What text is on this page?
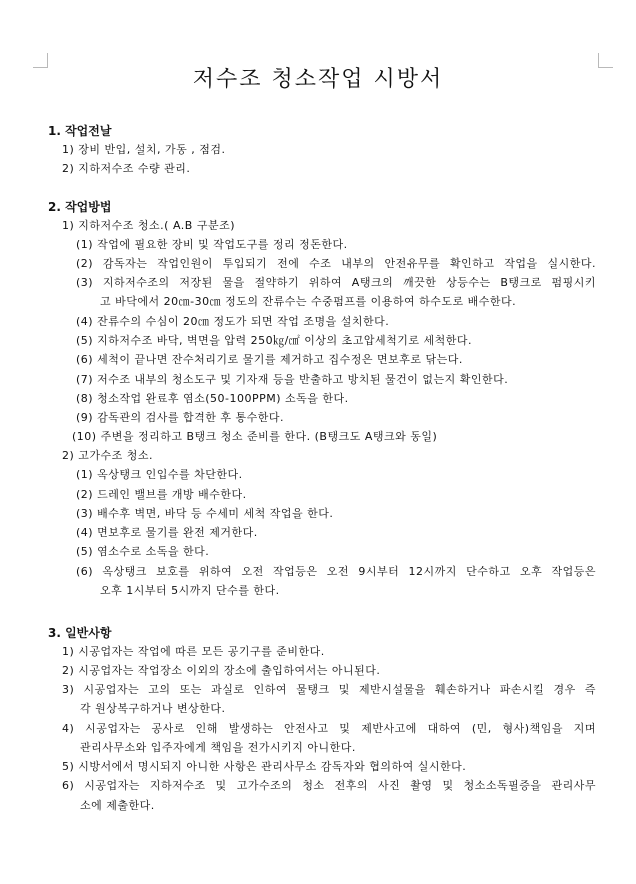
저수조 청소작업 시방서
1. 작업전날
1) 장비 반입, 설치, 가동 , 점검.
2) 지하저수조 수량 관리.
2. 작업방법
1) 지하저수조 청소.( A.B 구분조)
(1) 작업에 필요한 장비 및 작업도구를 정리 정돈한다.
(2) 감독자는 작업인원이 투입되기 전에 수조 내부의 안전유무를 확인하고 작업을 실시한다.
(3) 지하저수조의 저장된 물을 절약하기 위하여 A탱크의 깨끗한 상등수는 B탱크로 펌핑시키
고 바닥에서 20㎝-30㎝ 정도의 잔류수는 수중펌프를 이용하여 하수도로 배수한다.
(4) 잔류수의 수심이 20㎝ 정도가 되면 작업 조명을 설치한다.
(5) 지하저수조 바닥, 벽면을 압력 250㎏/㎠ 이상의 초고압세척기로 세척한다.
(6) 세척이 끝나면 잔수처리기로 물기를 제거하고 집수정은 면보후로 닦는다.
(7) 저수조 내부의 청소도구 및 기자재 등을 반출하고 방치된 물건이 없는지 확인한다.
(8) 청소작업 완료후 염소(50-100PPM) 소독을 한다.
(9) 감독관의 검사를 합격한 후 통수한다.
(10) 주변을 정리하고 B탱크 청소 준비를 한다. (B탱크도 A탱크와 동일)
2) 고가수조 청소.
(1) 옥상탱크 인입수를 차단한다.
(2) 드레인 밸브를 개방 배수한다.
(3) 배수후 벽면, 바닥 등 수세미 세척 작업을 한다.
(4) 면보후로 물기를 완전 제거한다.
(5) 염소수로 소독을 한다.
(6) 옥상탱크 보호를 위하여 오전 작업등은 오전 9시부터 12시까지 단수하고 오후 작업등은
오후 1시부터 5시까지 단수를 한다.
3. 일반사항
1) 시공업자는 작업에 따른 모든 공기구를 준비한다.
2) 시공업자는 작업장소 이외의 장소에 출입하여서는 아니된다.
3) 시공업자는 고의 또는 과실로 인하여 물탱크 및 제반시설물을 훼손하거나 파손시킬 경우 즉
각 원상복구하거나 변상한다.
4) 시공업자는 공사로 인해 발생하는 안전사고 및 제반사고에 대하여 (민, 형사)책임을 지며
관리사무소와 입주자에게 책임을 전가시키지 아니한다.
5) 시방서에서 명시되지 아니한 사항은 관리사무소 감독자와 협의하여 실시한다.
6) 시공업자는 지하저수조 및 고가수조의 청소 전후의 사진 촬영 및 청소소독필증을 관리사무
소에 제출한다.
